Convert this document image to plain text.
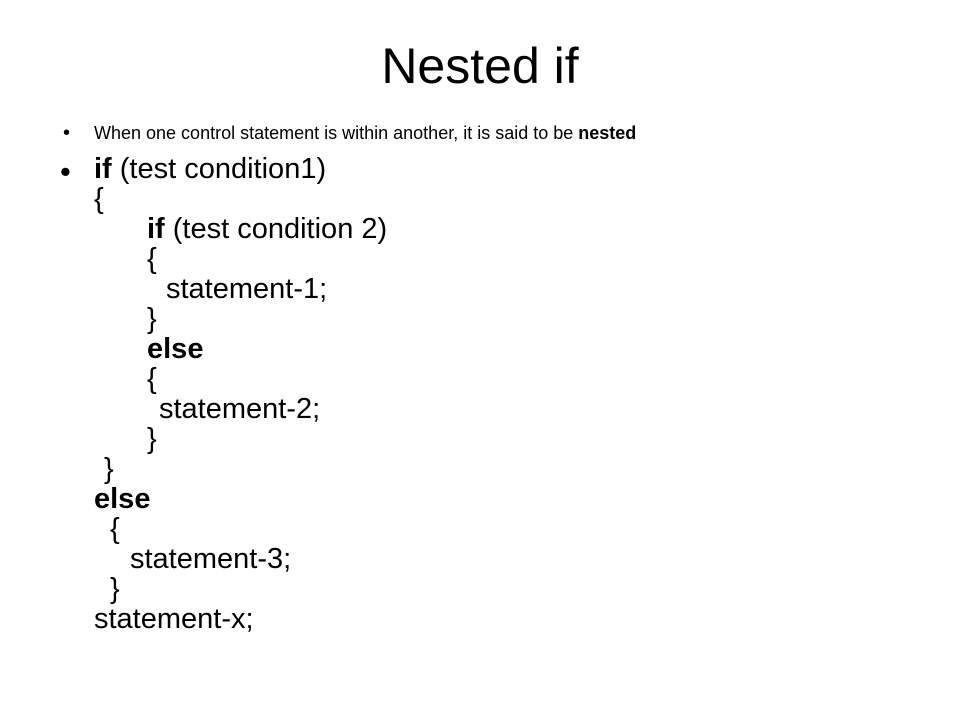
Nested if
• When one control statement is within another, it is said to be nested
• if (test condition1)
{
if (test condition 2)
{
statement-1;
}
else
{
statement-2;
}
}
else
{
statement-3;
}
statement-x;
